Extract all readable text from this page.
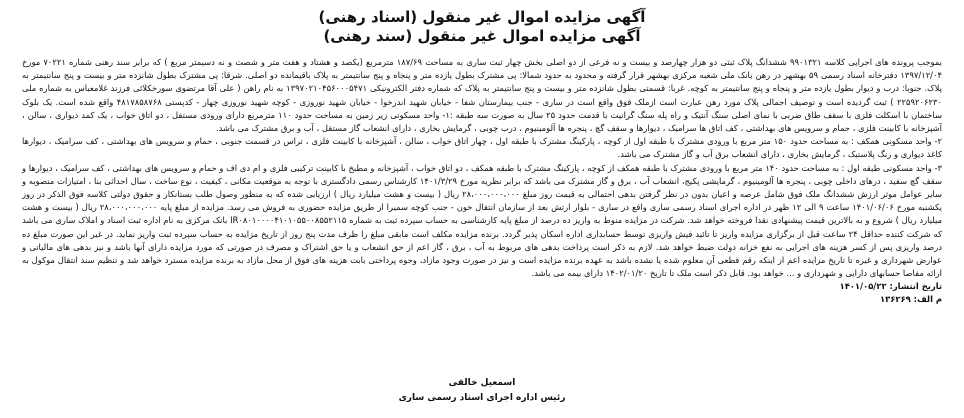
آگهی مزایده اموال غیر منقول (اسناد رهنی)
آگهی مزایده اموال غیر منقول (سند رهنی)

بموجب پرونده های اجرایی کلاسه ۹۹۰۱۳۲۱ ششدانگ پلاک ثبتی دو هزار چهارصد و بیست و نه فرعی از دو اصلی بخش چهار ثبت ساری به مساحت ۱۸۷/۶۹ مترمربع (یکصد و هشتاد و هفت متر و شصت و نه دسیمتر مربع ) که برابر سند رهنی شماره ۷۰۲۲۱ مورخ ۱۳۹۷/۱۲/۰۴ دفترخانه اسناد رسمی ۵۹ بهشهر در رهن بانک ملی شعبه مرکزی بهشهر قرار گرفته و محدود به حدود شمالا: پی مشترک بطول یازده متر و پنجاه و پنج سانتیمتر به پلاک باقیمانده دو اصلی. شرقا: پی مشترک بطول شانزده متر و بیست و پنج سانتیمتر به پلاک. جنوبا: درب و دیوار بطول یازده متر و پنجاه و پنج سانتیمتر به کوچه. غربا: قسمتی بطول شانزده متر و بیست و پنج سانتیمتر به پلاک که شماره دفتر الکترونیکی ۱۳۹۷۰۲۱۰۴۵۶۰۰۰۵۴۷۱ به نام راهن ( علی آقا مرتضوی سورخکلائی فرزند غلامعباس به شماره ملی ۲۲۵۹۲۰۶۲۳۰ ) ثبت گردیده است و توصیف اجمالی پلاک مورد رهن عبارت است ازملک فوق واقع است در ساری - جنب بیمارستان شفا - خیابان شهید اندرخوا - خیابان شهید نوروزی - کوچه شهید نوروزی چهار - کدپستی ۴۸۱۷۸۵۸۷۶۸ واقع شده است. یک بلوک ساختمان با اسکلت فلزی با سقف طاق ضربی با نمای اصلی سنگ آنتیک و راه پله سنگ گرانیت با قدمت حدود ۲۵ سال به صورت سه طبقه :۱- واحد مسکونی زیر زمین به مساحت حدود ۱۱۰ مترمربع دارای ورودی مستقل ، دو اتاق خواب ، یک کمد دیواری ، سالن ، آشپزخانه با کابینت فلزی ، حمام و سرویس های بهداشتی ، کف اتاق ها سرامیک ، دیوارها و سقف گچ ، پنجره ها آلومینیوم ، درب چوبی ، گرمایش بخاری ، دارای انشعاب گاز مستقل ، آب و برق مشترک می باشد.

۲- واحد مسکونی همکف : به مساحت حدود ۱۵۰ متر مربع با ورودی مشترک با طبقه اول از کوچه ، پارکینگ مشترک با طبقه اول ، چهار اتاق خواب ، سالن ، آشپزخانه با کابینت فلزی ، تراس در قسمت جنوبی ، حمام و سرویس های بهداشتی ، کف سرامیک ، دیوارها کاغذ دیواری و رنگ پلاستیک ، گرمایش بخاری ، دارای انشعاب برق آب و گاز مشترک می باشد.

۳- واحد مسکونی طبقه اول : به مساحت حدود ۱۴۰ متر مربع با ورودی مشترک با طبقه همکف از کوچه ، پارکینگ مشترک با طبقه همکف ، دو اتاق خواب ، آشپزخانه و مطبخ با کابینت ترکیبی فلزی و ام دی اف و حمام و سرویس های بهداشتی ، کف سرامیک ، دیوارها و سقف گچ سفید ، درهای داخلی چوبی ، پنجره ها آلومینیوم ، گرمایشی پکیج، انشعاب آب ، برق و گاز مشترک می باشد که برابر نظریه مورخ ۱۴۰۱/۳/۲۹ کارشناس رسمی دادگستری با توجه به موقعیت مکانی ، کیفیت ، نوع ساخت ، سال احداثی بنا ، امتیازات منصوبه و سایر عوامل موثر ارزش ششدانگ ملک فوق شامل عرصه و اعیان بدون در نظر گرفتن بدهی احتمالی به قیمت روز مبلغ ۲۸،۰۰۰،۰۰۰،۰۰۰ ریال ( بیست و هشت میلیارد ریال ) ارزیابی شده که به منظور وصول طلب بستانکار و حقوق دولتی کلاسه فوق الذکر در روز یکشنبه مورخ ۱۴۰۱/۰۶/۰۶ ساعت ۹ الی ۱۲ ظهر در اداره اجرای اسناد رسمی ساری واقع در ساری - بلوار ارتش بعد از سازمان انتقال خون - جنب کوچه سمیرا از طریق مزایده حضوری به فروش می رسد. مزایده از مبلغ پایه ۲۸،۰۰۰،۰۰۰،۰۰۰ ریال ( بیست و هشت میلیارد ریال ) شروع و به بالاترین قیمت پیشنهادی نقدا فروخته خواهد شد. شرکت در مزایده منوط به واریز ده درصد از مبلغ پایه کارشناسی به حساب سپرده ثبت به شماره IR۰۸۰۱۰۰۰۰۴۱۰۱۰۵۵۰۰۸۵۵۲۱۱۵ بانک مرکزی به نام اداره ثبت اسناد و املاک ساری می باشد که شرکت کننده حداقل ۲۴ ساعت قبل از برگزاری مزایده واریز تا تائید فیش واریزی توسط حسابداری اداره اسکان پذیر گردد. برنده مزایده مکلف است مابقی مبلغ را ظرف مدت پنج روز از تاریخ مزایده به حساب سپرده ثبت واریز نماید. در غیر این صورت مبلغ ده درصد واریزی پس از کسر هزینه های اجرایی به نفع خزانه دولت ضبط خواهد شد. لازم به ذکر است پرداخت بدهی های مربوط به آب ، برق ، گاز اعم از حق انشعاب و یا حق اشتراک و مصرف در صورتی که مورد مزایده دارای آنها باشد و نیز بدهی های مالیاتی و عوارض شهرداری و غیره تا تاریخ مزایده اعم از اینکه رقم قطعی آن معلوم شده یا نشده باشد به عهده برنده مزایده است و نیز در صورت وجود مازاد، وجوه پرداختی بابت هزینه های فوق از محل مازاد به برنده مزایده مسترد خواهد شد و تنظیم سند انتقال موکول به ارائه مفاصا حسابهای دارایی و شهرداری و ... خواهد بود. قابل ذکر است ملک تا تاریخ ۱۴۰۲/۰۱/۲۰ دارای بیمه می باشد.

تاریخ انتشار: ۱۴۰۱/۰۵/۲۲
م الف: ۱۳۶۲۶۹
اسمعیل خالقی
رئیس اداره اجرای اسناد رسمی ساری
